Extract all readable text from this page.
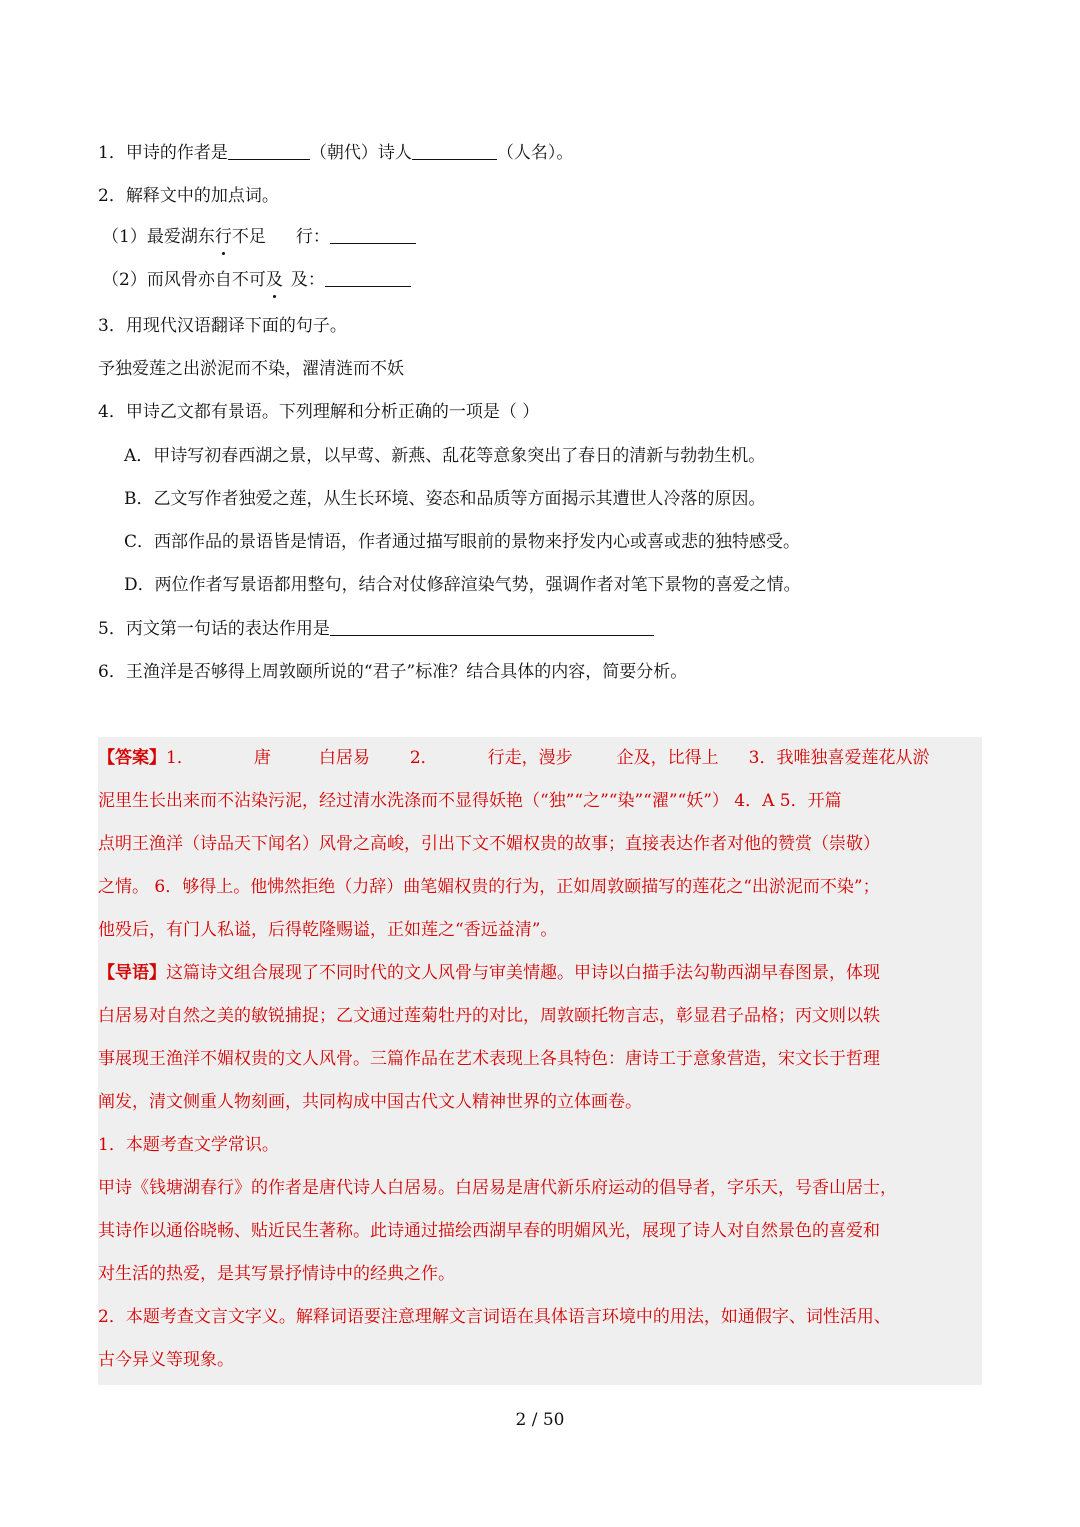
1．甲诗的作者是	（朝代）诗人	（人名）。
2．解释文中的加点词。
（1）最爱湖东行不足 行：
（2）而风骨亦自不可及 及：
3．用现代汉语翻译下面的句子。
予独爱莲之出淤泥而不染，濯清涟而不妖
4．甲诗乙文都有景语。下列理解和分析正确的一项是（ ）
A．甲诗写初春西湖之景，以早莺、新燕、乱花等意象突出了春日的清新与勃勃生机。
B．乙文写作者独爱之莲，从生长环境、姿态和品质等方面揭示其遭世人冷落的原因。
C．西部作品的景语皆是情语，作者通过描写眼前的景物来抒发内心或喜或悲的独特感受。
D．两位作者写景语都用整句，结合对仗修辞渲染气势，强调作者对笔下景物的喜爱之情。
5．丙文第一句话的表达作用是
6．王渔洋是否够得上周敦颐所说的“君子”标准？结合具体的内容，简要分析。
【答案】1．	唐	白居易 2．	行走，漫步	企及，比得上 3．我唯独喜爱莲花从淤
泥里生长出来而不沾染污泥，经过清水洗涤而不显得妖艳（“独”“之”“染”“濯”“妖”） 4．A 5．开篇
点明王渔洋（诗品天下闻名）风骨之高峻，引出下文不媚权贵的故事；直接表达作者对他的赞赏（崇敬）
之情。 6．够得上。他怫然拒绝（力辞）曲笔媚权贵的行为，正如周敦颐描写的莲花之“出淤泥而不染”；
他殁后，有门人私谥，后得乾隆赐谥，正如莲之“香远益清”。
【导语】这篇诗文组合展现了不同时代的文人风骨与审美情趣。甲诗以白描手法勾勒西湖早春图景，体现
白居易对自然之美的敏锐捕捉；乙文通过莲菊牡丹的对比，周敦颐托物言志，彰显君子品格；丙文则以轶
事展现王渔洋不媚权贵的文人风骨。三篇作品在艺术表现上各具特色：唐诗工于意象营造，宋文长于哲理
阐发，清文侧重人物刻画，共同构成中国古代文人精神世界的立体画卷。
1．本题考查文学常识。
甲诗《钱塘湖春行》的作者是唐代诗人白居易。白居易是唐代新乐府运动的倡导者，字乐天，号香山居士，
其诗作以通俗晓畅、贴近民生著称。此诗通过描绘西湖早春的明媚风光，展现了诗人对自然景色的喜爱和
对生活的热爱，是其写景抒情诗中的经典之作。
2．本题考查文言文字义。解释词语要注意理解文言词语在具体语言环境中的用法，如通假字、词性活用、
古今异义等现象。
2 / 50
